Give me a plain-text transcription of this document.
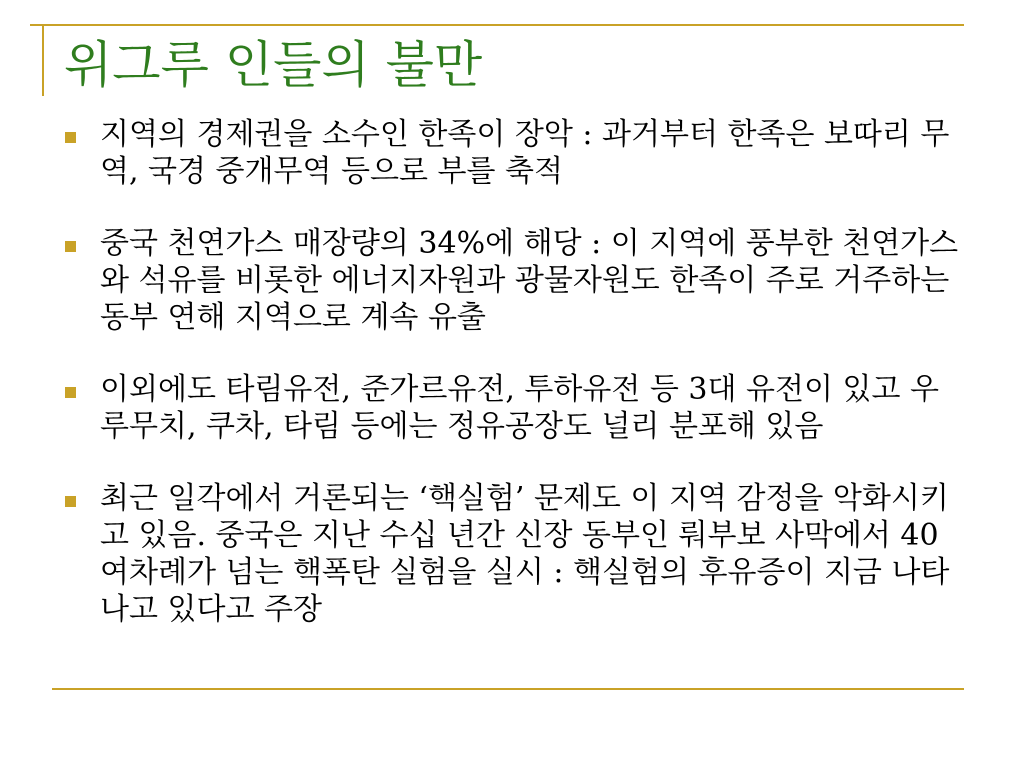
위그루 인들의 불만
지역의 경제권을 소수인 한족이 장악 : 과거부터 한족은 보따리 무역, 국경 중개무역 등으로 부를 축적
중국 천연가스 매장량의 34%에 해당 : 이 지역에 풍부한 천연가스와 석유를 비롯한 에너지자원과 광물자원도 한족이 주로 거주하는 동부 연해 지역으로 계속 유출
이외에도 타림유전, 준가르유전, 투하유전 등 3대 유전이 있고 우루무치, 쿠차, 타림 등에는 정유공장도 널리 분포해 있음
최근 일각에서 거론되는 ‘핵실험’ 문제도 이 지역 감정을 악화시키고 있음. 중국은 지난 수십 년간 신장 동부인 뤄부보 사막에서 40여차례가 넘는 핵폭탄 실험을 실시 : 핵실험의 후유증이 지금 나타나고 있다고 주장
